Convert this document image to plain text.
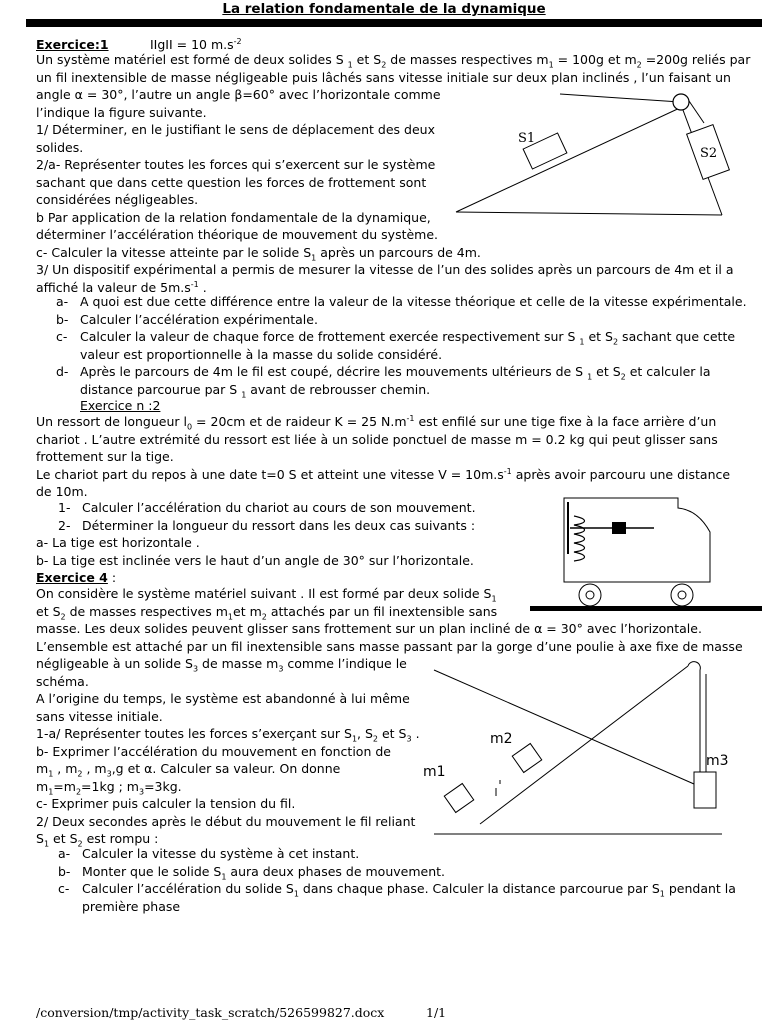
La relation fondamentale de la dynamique
Exercice:1	IIgII = 10 $m.s^{-2}$
Un système matériel est formé de deux solides S $_1$ et $S_2$ de masses respectives $m_1 = 100g$ et $m_2 =200g$ reliés par
un fil inextensible de masse négligeable puis lâchés sans vitesse initiale sur deux plan inclinés , l’un faisant un
angle α = 30°, l’autre un angle β=60° avec l’horizontale comme
l’indique la figure suivante.
1/ Déterminer, en le justifiant le sens de déplacement des deux
solides.
2/a- Représenter toutes les forces qui s’exercent sur le système
sachant que dans cette question les forces de frottement sont
considérées négligeables.
b Par application de la relation fondamentale de la dynamique,
déterminer l’accélération théorique de mouvement du système.
c- Calculer la vitesse atteinte par le solide $S_1$ après un parcours de 4m.
3/ Un dispositif expérimental a permis de mesurer la vitesse de l’un des solides après un parcours de 4m et il a
affiché la valeur de $5m.s^{-1}$ .
a- A quoi est due cette différence entre la valeur de la vitesse théorique et celle de la vitesse expérimentale.
b- Calculer l’accélération expérimentale.
c-	Calculer la valeur de chaque force de frottement exercée respectivement sur S $_1$ et $S_2$ sachant que cette
valeur est proportionnelle à la masse du solide considéré.
d- Après le parcours de 4m le fil est coupé, décrire les mouvements ultérieurs de S $_1$ et $S_2$ et calculer la
distance parcourue par S $_1$ avant de rebrousser chemin.
Exercice n :2
S1
S2
Un ressort de longueur $l_0 = 20cm$ et de raideur K = 25 $N.m^{-1}$ est enfilé sur une tige fixe à la face arrière d’un
chariot . L’autre extrémité du ressort est liée à un solide ponctuel de masse m = 0.2 kg qui peut glisser sans
frottement sur la tige.
Le chariot part du repos à une date t=0 S et atteint une vitesse $V = 10m.s^{-1}$ après avoir parcouru une distance
de 10m.
1- Calculer l’accélération du chariot au cours de son mouvement.
2- Déterminer la longueur du ressort dans les deux cas suivants :
a- La tige est horizontale .
b- La tige est inclinée vers le haut d’un angle de 30° sur l’horizontale.
Exercice 4 :
On considère le système matériel suivant . Il est formé par deux solide $S_1$
et $S_2$ de masses respectives $m_1et$ $m_2$ attachés par un fil inextensible sans
masse. Les deux solides peuvent glisser sans frottement sur un plan incliné de α = 30° avec l’horizontale.
L’ensemble est attaché par un fil inextensible sans masse passant par la gorge d’une poulie à axe fixe de masse
négligeable à un solide $S_3$ de masse $m_3$ comme l’indique le
schéma.
A l’origine du temps, le système est abandonné à lui même
sans vitesse initiale.
1-a/ Représenter toutes les forces s’exerçant sur $S_1$, $S_2$ et $S_3$ .
b- Exprimer l’accélération du mouvement en fonction de
$m_1$ , $m_2$ , $m_3,g$ et α. Calculer sa valeur. On donne
$m_1=m_2=1kg$ ; $m_3=3kg$.
c- Exprimer puis calculer la tension du fil.
2/ Deux secondes après le début du mouvement le fil reliant
$S_1$ et $S_2$ est rompu :
a- Calculer la vitesse du système à cet instant.
b- Monter que le solide $S_1$ aura deux phases de mouvement.
c-	Calculer l’accélération du solide $S_1$ dans chaque phase. Calculer la distance parcourue par $S_1$ pendant la
première phase
m1
m2
m3
/conversion/tmp/activity_task_scratch/526599827.docx	1/1
